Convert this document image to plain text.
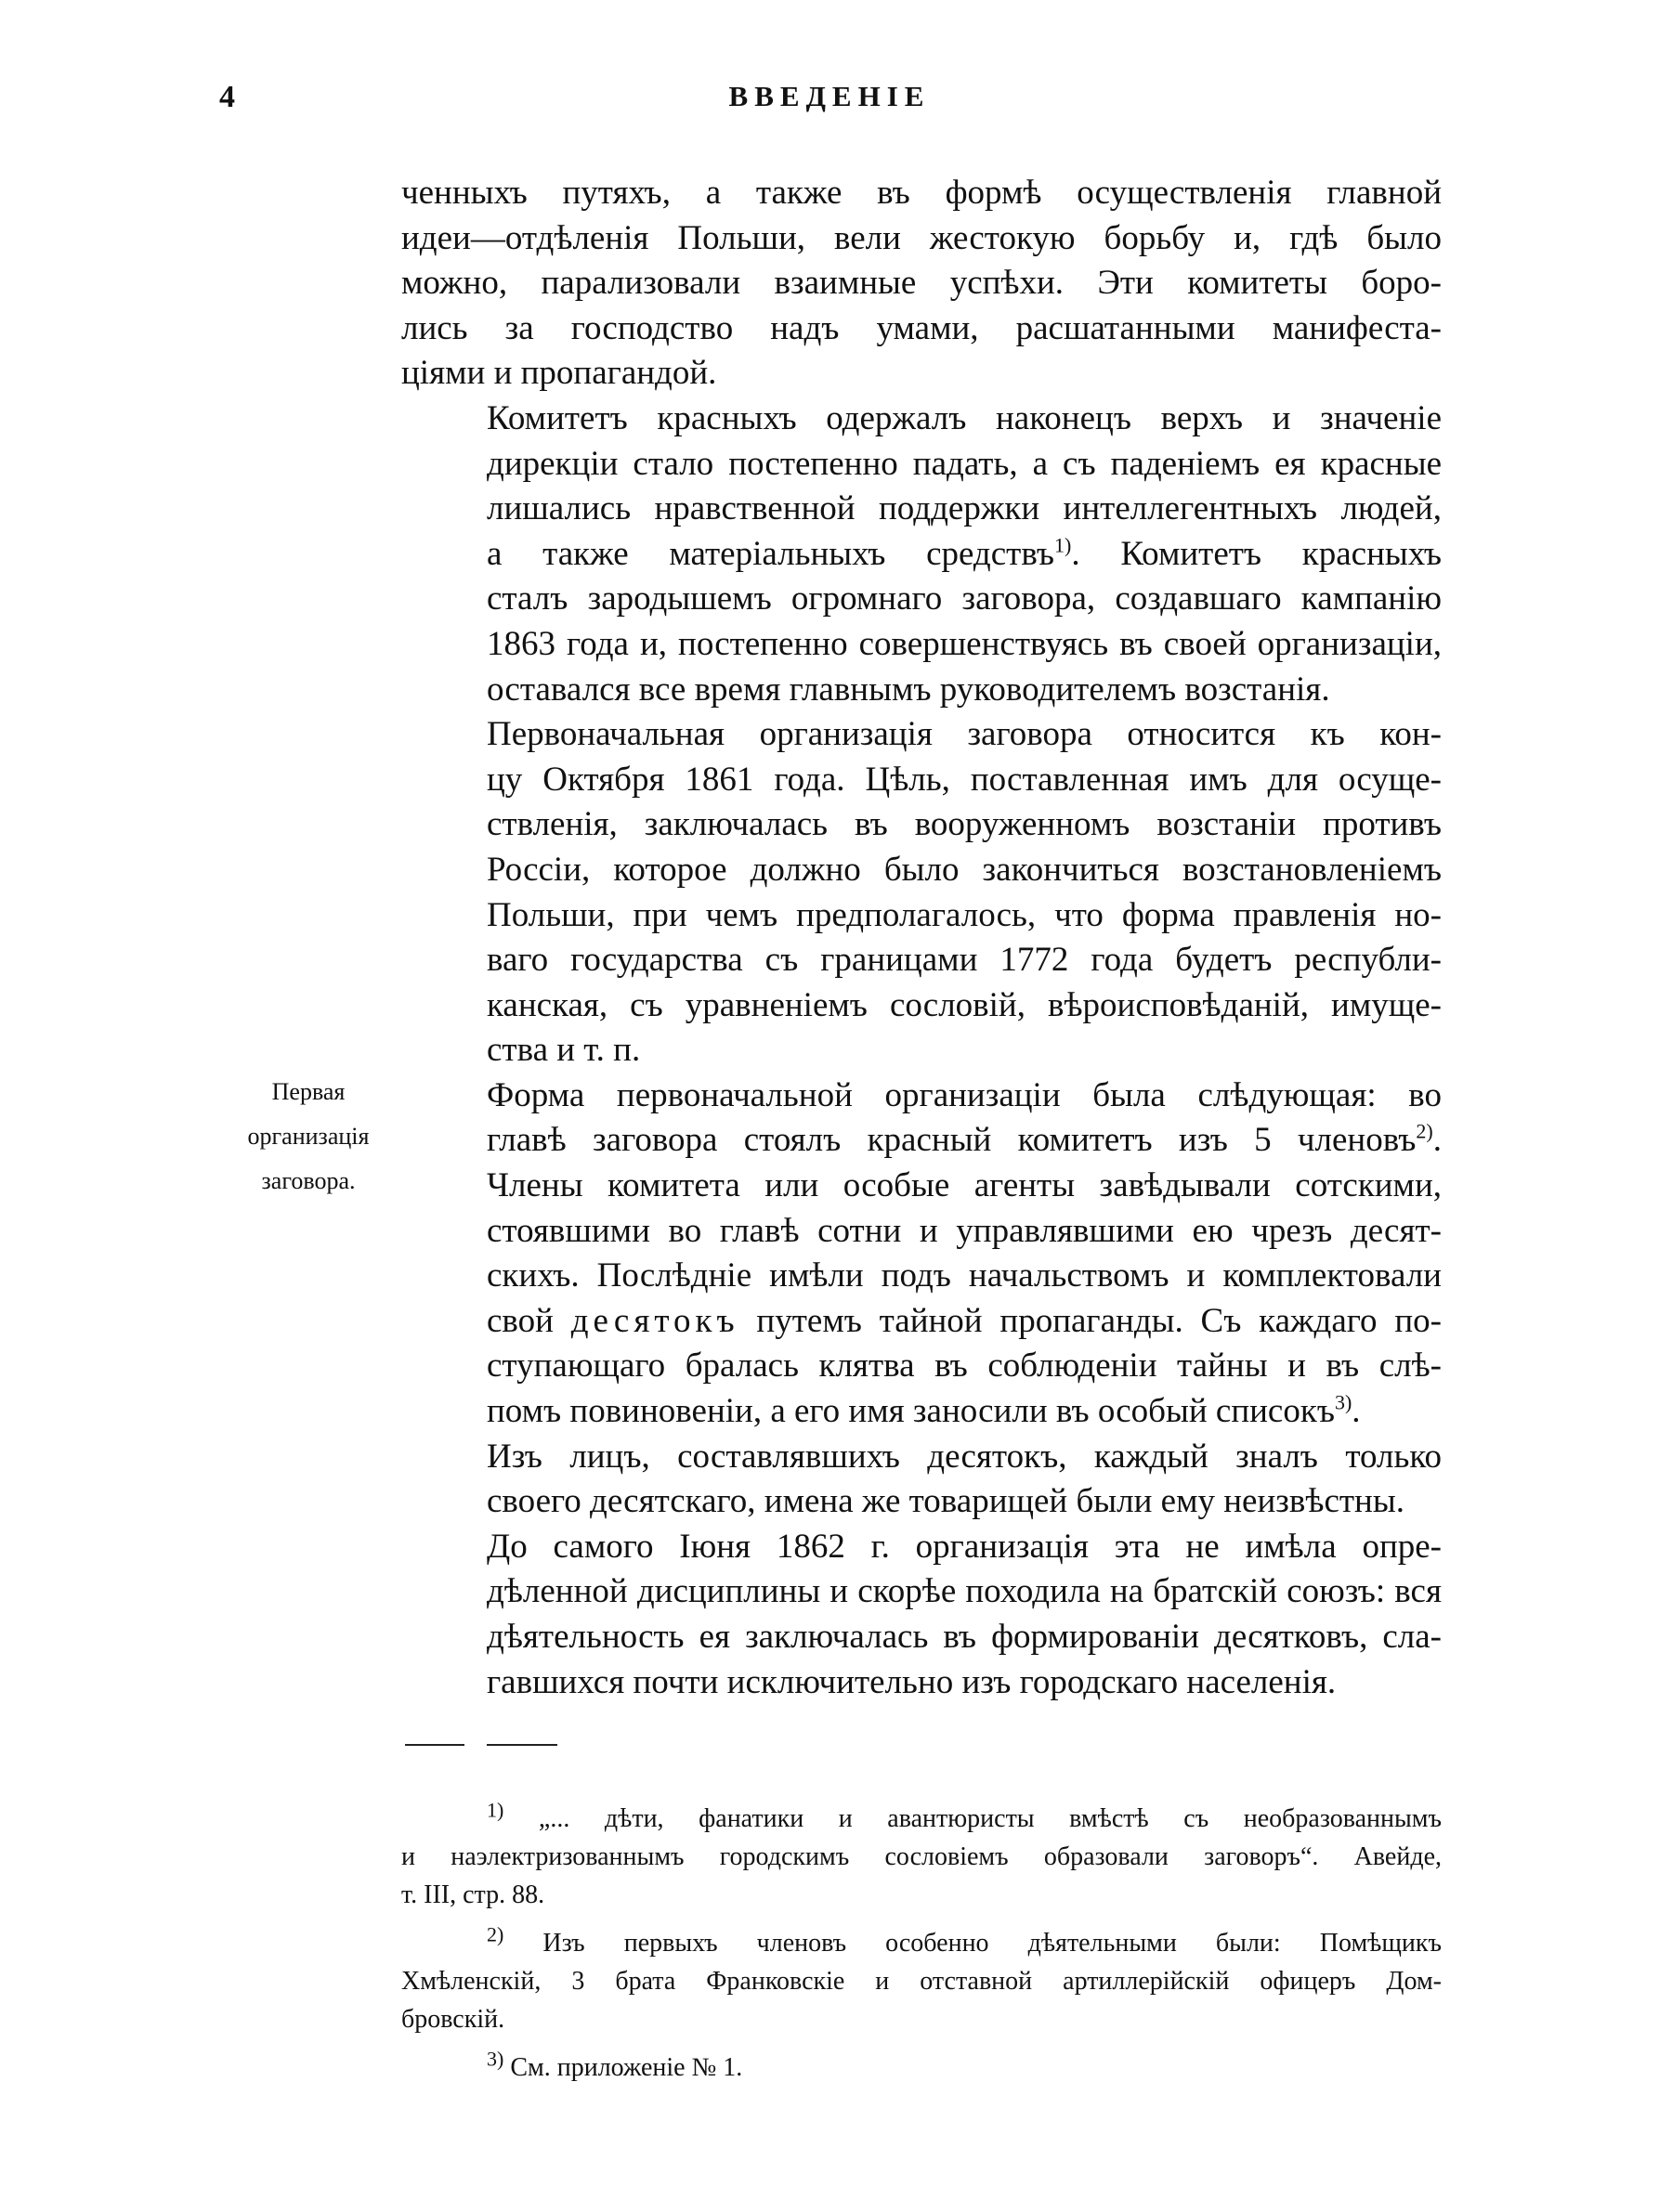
4	ВВЕДЕНІЕ
Первая
организація
заговора.
ченныхъ путяхъ, а также въ формѣ осуществленія главной
идеи—отдѣленія Польши, вели жестокую борьбу и, гдѣ было
можно, парализовали взаимные успѣхи. Эти комитеты боро-
лись за господство надъ умами, расшатанными манифеста-
ціями и пропагандой.
Комитетъ красныхъ одержалъ наконецъ верхъ и значеніе
дирекціи стало постепенно падать, а съ паденіемъ ея красные
лишались нравственной поддержки интеллегентныхъ людей,
а также матеріальныхъ средствъ$^{1)}$. Комитетъ красныхъ
сталъ зародышемъ огромнаго заговора, создавшаго кампанію
1863 года и, постепенно совершенствуясь въ своей организаціи,
оставался все время главнымъ руководителемъ возстанія.
Первоначальная организація заговора относится къ кон-
цу Октября 1861 года. Цѣль, поставленная имъ для осуще-
ствленія, заключалась въ вооруженномъ возстаніи противъ
Россіи, которое должно было закончиться возстановленіемъ
Польши, при чемъ предполагалось, что форма правленія но-
ваго государства съ границами 1772 года будетъ республи-
канская, съ уравненіемъ сословій, вѣроисповѣданій, имуще-
ства и т. п.
Форма первоначальной организаціи была слѣдующая: во
главѣ заговора стоялъ красный комитетъ изъ 5 членовъ$^{2)}$.
Члены комитета или особые агенты завѣдывали сотскими,
стоявшими во главѣ сотни и управлявшими ею чрезъ десят-
скихъ. Послѣдніе имѣли подъ начальствомъ и комплектовали
свой десятокъ путемъ тайной пропаганды. Съ каждаго по-
ступающаго бралась клятва въ соблюденіи тайны и въ слѣ-
помъ повиновеніи, а его имя заносили въ особый списокъ$^{3)}$.
Изъ лицъ, составлявшихъ десятокъ, каждый зналъ только
своего десятскаго, имена же товарищей были ему неизвѣстны.
До самого Іюня 1862 г. организація эта не имѣла опре-
дѣленной дисциплины и скорѣе походила на братскій союзъ: вся
дѣятельность ея заключалась въ формированіи десятковъ, сла-
гавшихся почти исключительно изъ городскаго населенія.
$^{1)}$ „... дѣти, фанатики и авантюристы вмѣстѣ съ необразованнымъ
и наэлектризованнымъ городскимъ сословіемъ образовали заговоръ“. Авейде,
т. III, стр. 88.
$^{2)}$ Изъ первыхъ членовъ особенно дѣятельными были: Помѣщикъ
Хмѣленскій, 3 брата Франковскіе и отставной артиллерійскій офицеръ Дом-
бровскій.
$^{3)}$ См. приложеніе № 1.
